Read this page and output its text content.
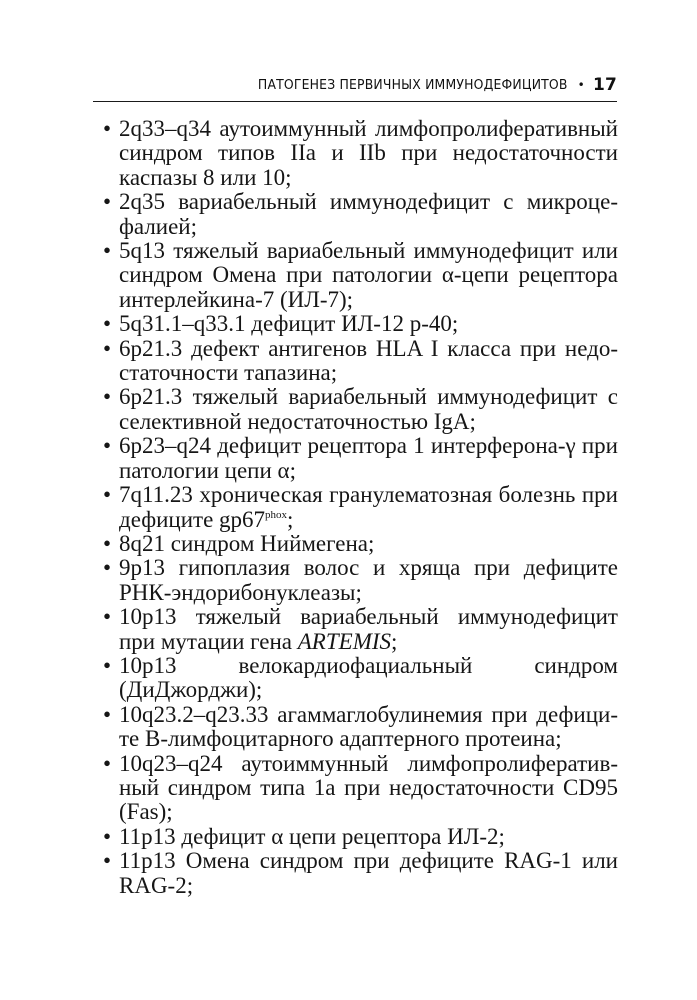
ПАТОГЕНЕЗ ПЕРВИЧНЫХ ИММУНОДЕФИЦИТОВ • 17
• 2q33–q34 аутоиммунный лимфопролиферативный синдром типов IIa и IIb при недостаточности каспазы 8 или 10;
• 2q35 вариабельный иммунодефицит с микроцефалией;
• 5q13 тяжелый вариабельный иммунодефицит или синдром Омена при патологии α-цепи рецептора интерлейкина-7 (ИЛ-7);
• 5q31.1–q33.1 дефицит ИЛ-12 p-40;
• 6p21.3 дефект антигенов HLA I класса при недостаточности тапазина;
• 6p21.3 тяжелый вариабельный иммунодефицит с селективной недостаточностью IgA;
• 6p23–q24 дефицит рецептора 1 интерферона-γ при патологии цепи α;
• 7q11.23 хроническая гранулематозная болезнь при дефиците $gp67^{phox}$;
• 8q21 синдром Ниймегена;
• 9p13 гипоплазия волос и хряща при дефиците РНК-эндорибонуклеазы;
• 10p13 тяжелый вариабельный иммунодефицит при мутации гена ARTEMIS;
• 10p13 велокардиофациальный синдром (ДиДжорджи);
• 10q23.2–q23.33 агаммаглобулинемия при дефиците В-лимфоцитарного адаптерного протеина;
• 10q23–q24 аутоиммунный лимфопролиферативный синдром типа 1a при недостаточности CD95 (Fas);
• 11p13 дефицит α цепи рецептора ИЛ-2;
• 11p13 Омена синдром при дефиците RAG-1 или RAG-2;
